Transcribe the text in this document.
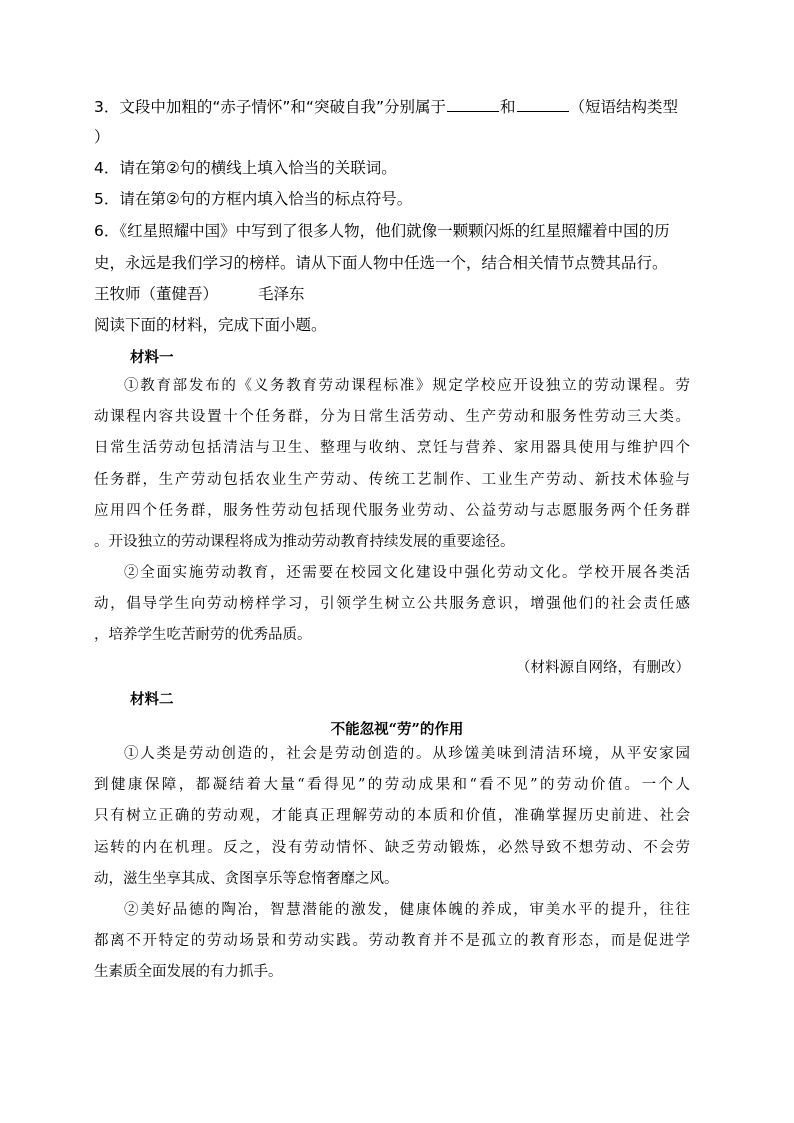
3．文段中加粗的“赤子情怀”和“突破自我”分别属于	和	（短语结构类型
）
4．请在第②句的横线上填入恰当的关联词。
5．请在第②句的方框内填入恰当的标点符号。
6．《红星照耀中国》中写到了很多人物，他们就像一颗颗闪烁的红星照耀着中国的历
史，永远是我们学习的榜样。请从下面人物中任选一个，结合相关情节点赞其品行。
王牧师（董健吾）	毛泽东
阅读下面的材料，完成下面小题。
材料一
①教育部发布的《义务教育劳动课程标准》规定学校应开设独立的劳动课程。劳
动课程内容共设置十个任务群，分为日常生活劳动、生产劳动和服务性劳动三大类。
日常生活劳动包括清洁与卫生、整理与收纳、烹饪与营养、家用器具使用与维护四个
任务群，生产劳动包括农业生产劳动、传统工艺制作、工业生产劳动、新技术体验与
应用四个任务群，服务性劳动包括现代服务业劳动、公益劳动与志愿服务两个任务群
。开设独立的劳动课程将成为推动劳动教育持续发展的重要途径。
②全面实施劳动教育，还需要在校园文化建设中强化劳动文化。学校开展各类活
动，倡导学生向劳动榜样学习，引领学生树立公共服务意识，增强他们的社会责任感
，培养学生吃苦耐劳的优秀品质。
（材料源自网络，有删改）
材料二
不能忽视“劳”的作用
①人类是劳动创造的，社会是劳动创造的。从珍馐美味到清洁环境，从平安家园
到健康保障，都凝结着大量“看得见”的劳动成果和“看不见”的劳动价值。一个人
只有树立正确的劳动观，才能真正理解劳动的本质和价值，准确掌握历史前进、社会
运转的内在机理。反之，没有劳动情怀、缺乏劳动锻炼，必然导致不想劳动、不会劳
动，滋生坐享其成、贪图享乐等怠惰奢靡之风。
②美好品德的陶冶，智慧潜能的激发，健康体魄的养成，审美水平的提升，往往
都离不开特定的劳动场景和劳动实践。劳动教育并不是孤立的教育形态，而是促进学
生素质全面发展的有力抓手。
